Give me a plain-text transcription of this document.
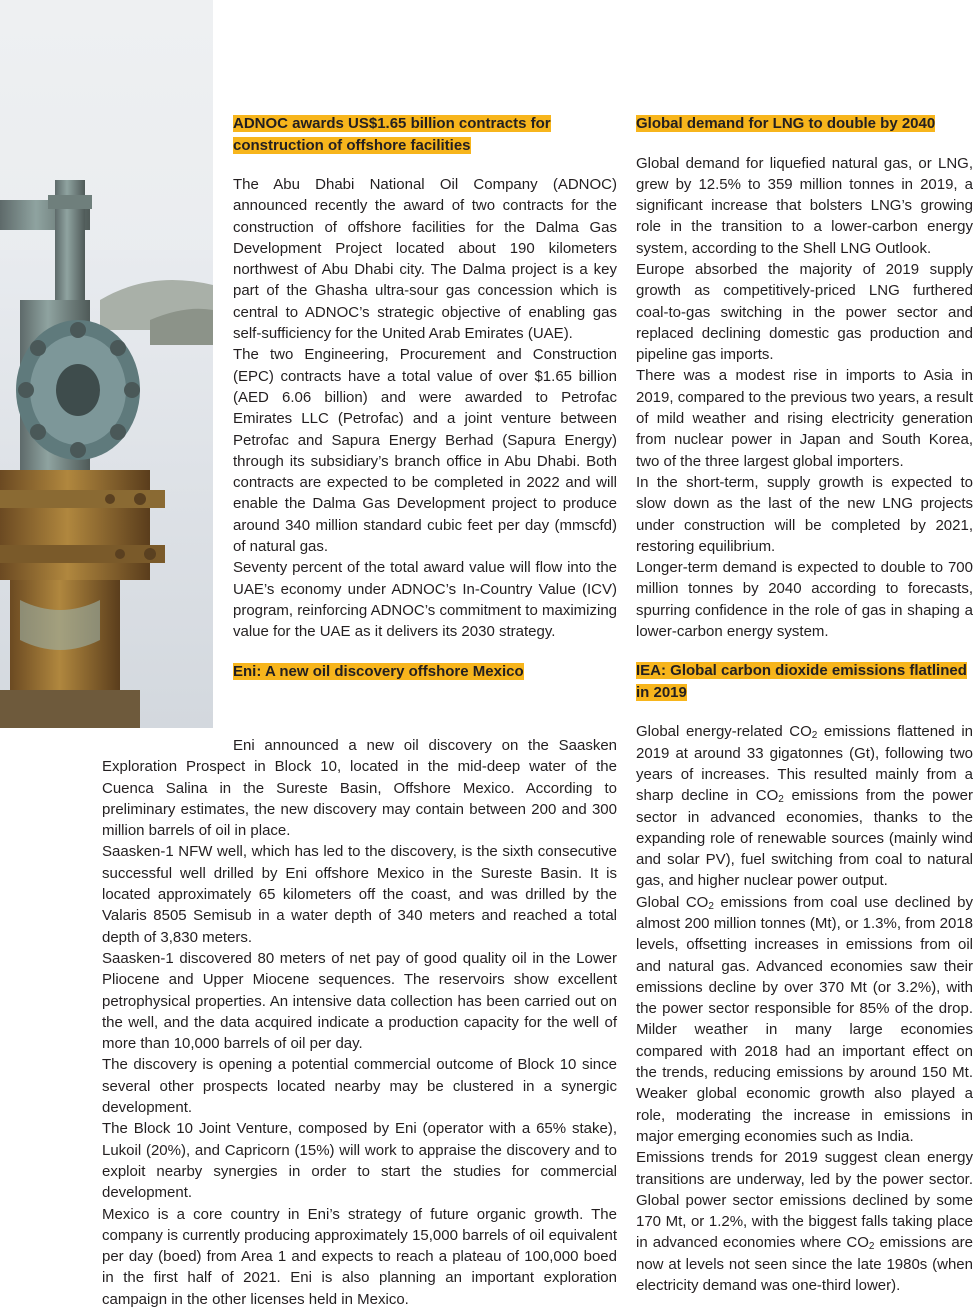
ADNOC awards US$1.65 billion contracts for construction of offshore facilities

The Abu Dhabi National Oil Company (ADNOC) announced recently the award of two contracts for the construction of offshore facilities for the Dalma Gas Development Project located about 190 kilometers northwest of Abu Dhabi city. The Dalma project is a key part of the Ghasha ultra-sour gas concession which is central to ADNOC’s strategic objective of enabling gas self-sufficiency for the United Arab Emirates (UAE).

The two Engineering, Procurement and Construction (EPC) contracts have a total value of over $1.65 billion (AED 6.06 billion) and were awarded to Petrofac Emirates LLC (Petrofac) and a joint venture between Petrofac and Sapura Energy Berhad (Sapura Energy) through its subsidiary’s branch office in Abu Dhabi. Both contracts are expected to be completed in 2022 and will enable the Dalma Gas Development project to produce around 340 million standard cubic feet per day (mmscfd) of natural gas.

Seventy percent of the total award value will flow into the UAE’s economy under ADNOC’s In-Country Value (ICV) program, reinforcing ADNOC’s commitment to maximizing value for the UAE as it delivers its 2030 strategy.

Eni: A new oil discovery offshore Mexico

Eni announced a new oil discovery on the Saasken Exploration Prospect in Block 10, located in the mid-deep water of the Cuenca Salina in the Sureste Basin, Offshore Mexico. According to preliminary estimates, the new discovery may contain between 200 and 300 million barrels of oil in place.

Saasken-1 NFW well, which has led to the discovery, is the sixth consecutive successful well drilled by Eni offshore Mexico in the Sureste Basin. It is located approximately 65 kilometers off the coast, and was drilled by the Valaris 8505 Semisub in a water depth of 340 meters and reached a total depth of 3,830 meters.

Saasken-1 discovered 80 meters of net pay of good quality oil in the Lower Pliocene and Upper Miocene sequences. The reservoirs show excellent petrophysical properties. An intensive data collection has been carried out on the well, and the data acquired indicate a production capacity for the well of more than 10,000 barrels of oil per day.

The discovery is opening a potential commercial outcome of Block 10 since several other prospects located nearby may be clustered in a synergic development.

The Block 10 Joint Venture, composed by Eni (operator with a 65% stake), Lukoil (20%), and Capricorn (15%) will work to appraise the discovery and to exploit nearby synergies in order to start the studies for commercial development.

Mexico is a core country in Eni’s strategy of future organic growth. The company is currently producing approximately 15,000 barrels of oil equivalent per day (boed) from Area 1 and expects to reach a plateau of 100,000 boed in the first half of 2021. Eni is also planning an important exploration campaign in the other licenses held in Mexico.

Global demand for LNG to double by 2040

Global demand for liquefied natural gas, or LNG, grew by 12.5% to 359 million tonnes in 2019, a significant increase that bolsters LNG’s growing role in the transition to a lower-carbon energy system, according to the Shell LNG Outlook.

Europe absorbed the majority of 2019 supply growth as competitively-priced LNG furthered coal-to-gas switching in the power sector and replaced declining domestic gas production and pipeline gas imports.

There was a modest rise in imports to Asia in 2019, compared to the previous two years, a result of mild weather and rising electricity generation from nuclear power in Japan and South Korea, two of the three largest global importers.

In the short-term, supply growth is expected to slow down as the last of the new LNG projects under construction will be completed by 2021, restoring equilibrium.

Longer-term demand is expected to double to 700 million tonnes by 2040 according to forecasts, spurring confidence in the role of gas in shaping a lower-carbon energy system.

IEA: Global carbon dioxide emissions flatlined in 2019

Global energy-related $CO_2$ emissions flattened in 2019 at around 33 gigatonnes (Gt), following two years of increases. This resulted mainly from a sharp decline in $CO_2$ emissions from the power sector in advanced economies, thanks to the expanding role of renewable sources (mainly wind and solar PV), fuel switching from coal to natural gas, and higher nuclear power output.

Global $CO_2$ emissions from coal use declined by almost 200 million tonnes (Mt), or 1.3%, from 2018 levels, offsetting increases in emissions from oil and natural gas. Advanced economies saw their emissions decline by over 370 Mt (or 3.2%), with the power sector responsible for 85% of the drop. Milder weather in many large economies compared with 2018 had an important effect on the trends, reducing emissions by around 150 Mt. Weaker global economic growth also played a role, moderating the increase in emissions in major emerging economies such as India.

Emissions trends for 2019 suggest clean energy transitions are underway, led by the power sector. Global power sector emissions declined by some 170 Mt, or 1.2%, with the biggest falls taking place in advanced economies where $CO_2$ emissions are now at levels not seen since the late 1980s (when electricity demand was one-third lower).
